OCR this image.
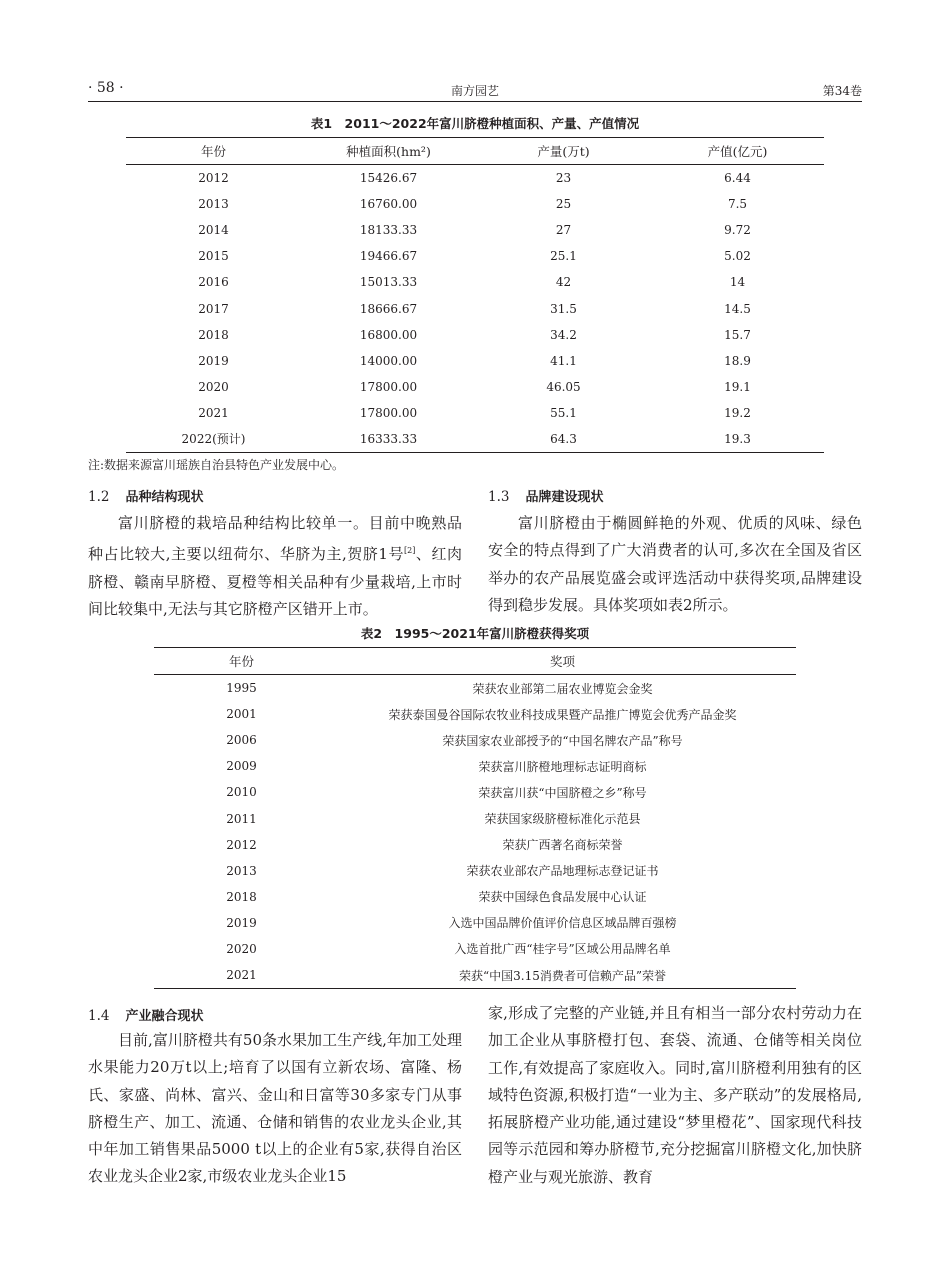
· 58 ·	南方园艺	第34卷
表1　2011～2022年富川脐橙种植面积、产量、产值情况
年份	种植面积(hm²)	产量(万t)	产值(亿元)
2012	15426.67	23	6.44
2013	16760.00	25	7.5
2014	18133.33	27	9.72
2015	19466.67	25.1	5.02
2016	15013.33	42	14
2017	18666.67	31.5	14.5
2018	16800.00	34.2	15.7
2019	14000.00	41.1	18.9
2020	17800.00	46.05	19.1
2021	17800.00	55.1	19.2
2022(预计)	16333.33	64.3	19.3
注:数据来源富川瑶族自治县特色产业发展中心。
1.2 品种结构现状

富川脐橙的栽培品种结构比较单一。目前中晚熟品种占比较大,主要以纽荷尔、华脐为主,贺脐1号[2]、红肉脐橙、赣南早脐橙、夏橙等相关品种有少量栽培,上市时间比较集中,无法与其它脐橙产区错开上市。

1.3 品牌建设现状

富川脐橙由于椭圆鲜艳的外观、优质的风味、绿色安全的特点得到了广大消费者的认可,多次在全国及省区举办的农产品展览盛会或评选活动中获得奖项,品牌建设得到稳步发展。具体奖项如表2所示。

表2　1995～2021年富川脐橙获得奖项
年份	奖项
1995	荣获农业部第二届农业博览会金奖
2001	荣获泰国曼谷国际农牧业科技成果暨产品推广博览会优秀产品金奖
2006	荣获国家农业部授予的“中国名牌农产品”称号
2009	荣获富川脐橙地理标志证明商标
2010	荣获富川获“中国脐橙之乡”称号
2011	荣获国家级脐橙标准化示范县
2012	荣获广西著名商标荣誉
2013	荣获农业部农产品地理标志登记证书
2018	荣获中国绿色食品发展中心认证
2019	入选中国品牌价值评价信息区域品牌百强榜
2020	入选首批广西“桂字号”区域公用品牌名单
2021	荣获“中国3.15消费者可信赖产品”荣誉
1.4 产业融合现状

目前,富川脐橙共有50条水果加工生产线,年加工处理水果能力20万t以上;培育了以国有立新农场、富隆、杨氏、家盛、尚林、富兴、金山和日富等30多家专门从事脐橙生产、加工、流通、仓储和销售的农业龙头企业,其中年加工销售果品5000 t以上的企业有5家,获得自治区农业龙头企业2家,市级农业龙头企业15

家,形成了完整的产业链,并且有相当一部分农村劳动力在加工企业从事脐橙打包、套袋、流通、仓储等相关岗位工作,有效提高了家庭收入。同时,富川脐橙利用独有的区域特色资源,积极打造“一业为主、多产联动”的发展格局,拓展脐橙产业功能,通过建设“梦里橙花”、国家现代科技园等示范园和筹办脐橙节,充分挖掘富川脐橙文化,加快脐橙产业与观光旅游、教育
